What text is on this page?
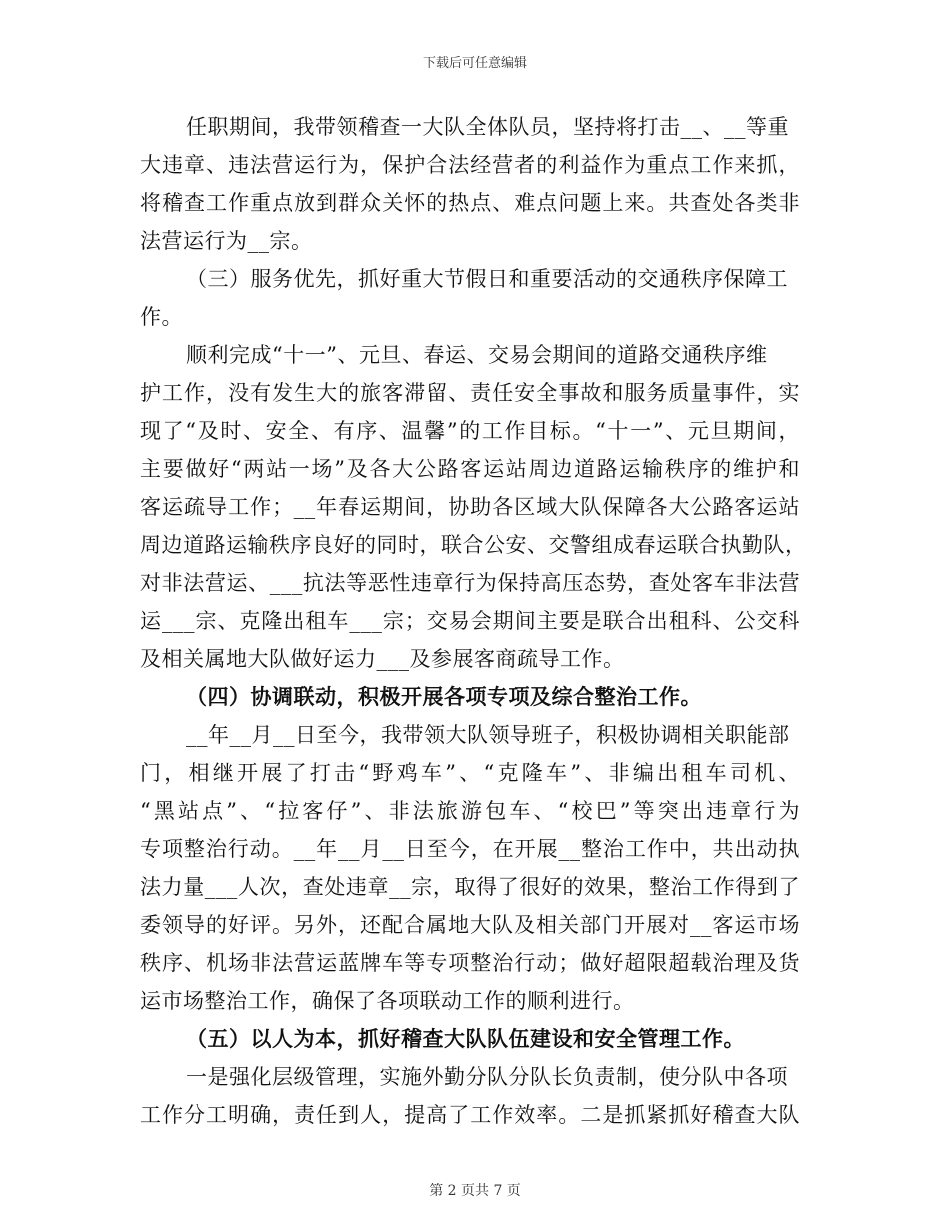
下载后可任意编辑
任职期间，我带领稽查一大队全体队员，坚持将打击__、__等重
大违章、违法营运行为，保护合法经营者的利益作为重点工作来抓，
将稽查工作重点放到群众关怀的热点、难点问题上来。共查处各类非
法营运行为__宗。
（三）服务优先，抓好重大节假日和重要活动的交通秩序保障工
作。
顺利完成“十一”、元旦、春运、交易会期间的道路交通秩序维
护工作，没有发生大的旅客滞留、责任安全事故和服务质量事件，实
现了“及时、安全、有序、温馨”的工作目标。“十一”、元旦期间，
主要做好“两站一场”及各大公路客运站周边道路运输秩序的维护和
客运疏导工作；__年春运期间，协助各区域大队保障各大公路客运站
周边道路运输秩序良好的同时，联合公安、交警组成春运联合执勤队，
对非法营运、___抗法等恶性违章行为保持高压态势，查处客车非法营
运___宗、克隆出租车___宗；交易会期间主要是联合出租科、公交科
及相关属地大队做好运力___及参展客商疏导工作。
（四）协调联动，积极开展各项专项及综合整治工作。
__年__月__日至今，我带领大队领导班子，积极协调相关职能部
门，相继开展了打击“野鸡车”、“克隆车”、非编出租车司机、
“黑站点”、“拉客仔”、非法旅游包车、“校巴”等突出违章行为
专项整治行动。__年__月__日至今，在开展__整治工作中，共出动执
法力量___人次，查处违章__宗，取得了很好的效果，整治工作得到了
委领导的好评。另外，还配合属地大队及相关部门开展对__客运市场
秩序、机场非法营运蓝牌车等专项整治行动；做好超限超载治理及货
运市场整治工作，确保了各项联动工作的顺利进行。
（五）以人为本，抓好稽查大队队伍建设和安全管理工作。
一是强化层级管理，实施外勤分队分队长负责制，使分队中各项
工作分工明确，责任到人，提高了工作效率。二是抓紧抓好稽查大队
第 2 页共 7 页
